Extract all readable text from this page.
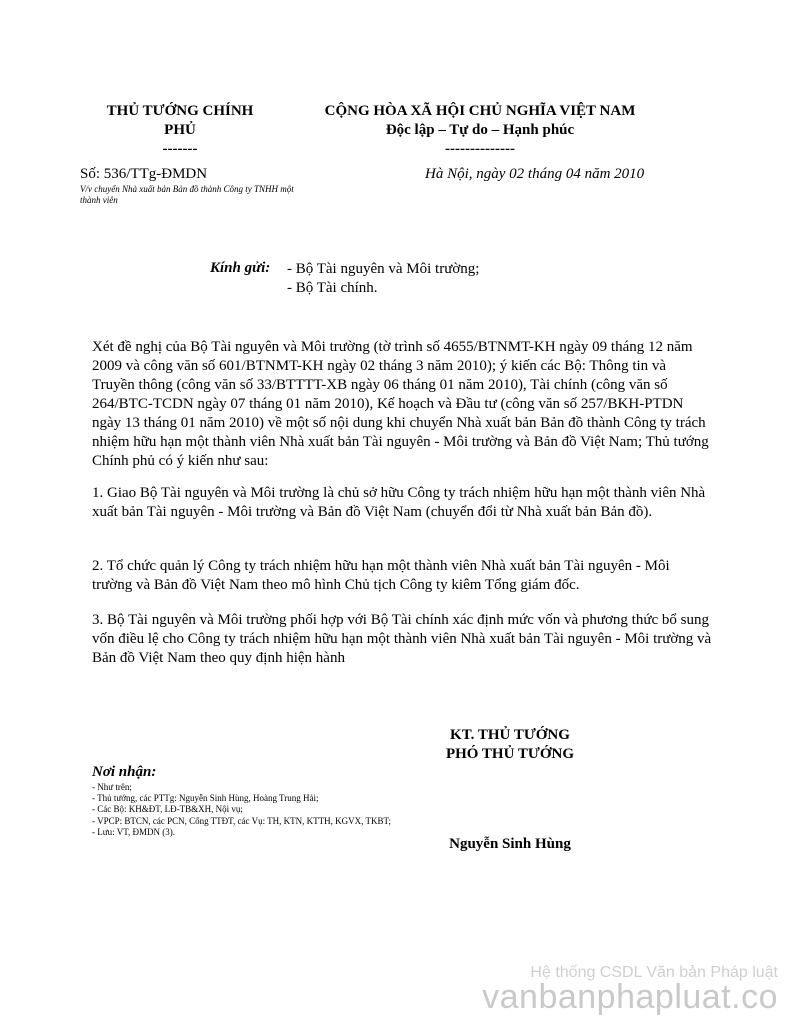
THỦ TƯỚNG CHÍNH
PHỦ
-------
CỘNG HÒA XÃ HỘI CHỦ NGHĨA VIỆT NAM
Độc lập – Tự do – Hạnh phúc
--------------
Số: 536/TTg-ĐMDN
V/v chuyển Nhà xuất bản Bản đồ thành Công ty TNHH một thành viên
Hà Nội, ngày 02 tháng 04 năm 2010
Kính gửi: - Bộ Tài nguyên và Môi trường;
- Bộ Tài chính.
Xét đề nghị của Bộ Tài nguyên và Môi trường (tờ trình số 4655/BTNMT-KH ngày 09 tháng 12 năm 2009 và công văn số 601/BTNMT-KH ngày 02 tháng 3 năm 2010); ý kiến các Bộ: Thông tin và Truyền thông (công văn số 33/BTTTT-XB ngày 06 tháng 01 năm 2010), Tài chính (công văn số 264/BTC-TCDN ngày 07 tháng 01 năm 2010), Kế hoạch và Đầu tư (công văn số 257/BKH-PTDN ngày 13 tháng 01 năm 2010) về một số nội dung khi chuyển Nhà xuất bản Bản đồ thành Công ty trách nhiệm hữu hạn một thành viên Nhà xuất bản Tài nguyên - Môi trường và Bản đồ Việt Nam; Thủ tướng Chính phủ có ý kiến như sau:
1. Giao Bộ Tài nguyên và Môi trường là chủ sở hữu Công ty trách nhiệm hữu hạn một thành viên Nhà xuất bản Tài nguyên - Môi trường và Bản đồ Việt Nam (chuyển đổi từ Nhà xuất bản Bản đồ).
2. Tổ chức quản lý Công ty trách nhiệm hữu hạn một thành viên Nhà xuất bản Tài nguyên - Môi trường và Bản đồ Việt Nam theo mô hình Chủ tịch Công ty kiêm Tổng giám đốc.
3. Bộ Tài nguyên và Môi trường phối hợp với Bộ Tài chính xác định mức vốn và phương thức bổ sung vốn điều lệ cho Công ty trách nhiệm hữu hạn một thành viên Nhà xuất bản Tài nguyên - Môi trường và Bản đồ Việt Nam theo quy định hiện hành
KT. THỦ TƯỚNG
PHÓ THỦ TƯỚNG
Nguyễn Sinh Hùng
Nơi nhận:
- Như trên;
- Thủ tướng, các PTTg: Nguyễn Sinh Hùng, Hoàng Trung Hải;
- Các Bộ: KH&ĐT, LĐ-TB&XH, Nội vụ;
- VPCP: BTCN, các PCN, Cổng TTĐT, các Vụ: TH, KTN, KTTH, KGVX, TKBT;
- Lưu: VT, ĐMDN (3).
Hệ thống CSDL Văn bản Pháp luật
vanbanphapluat.co
